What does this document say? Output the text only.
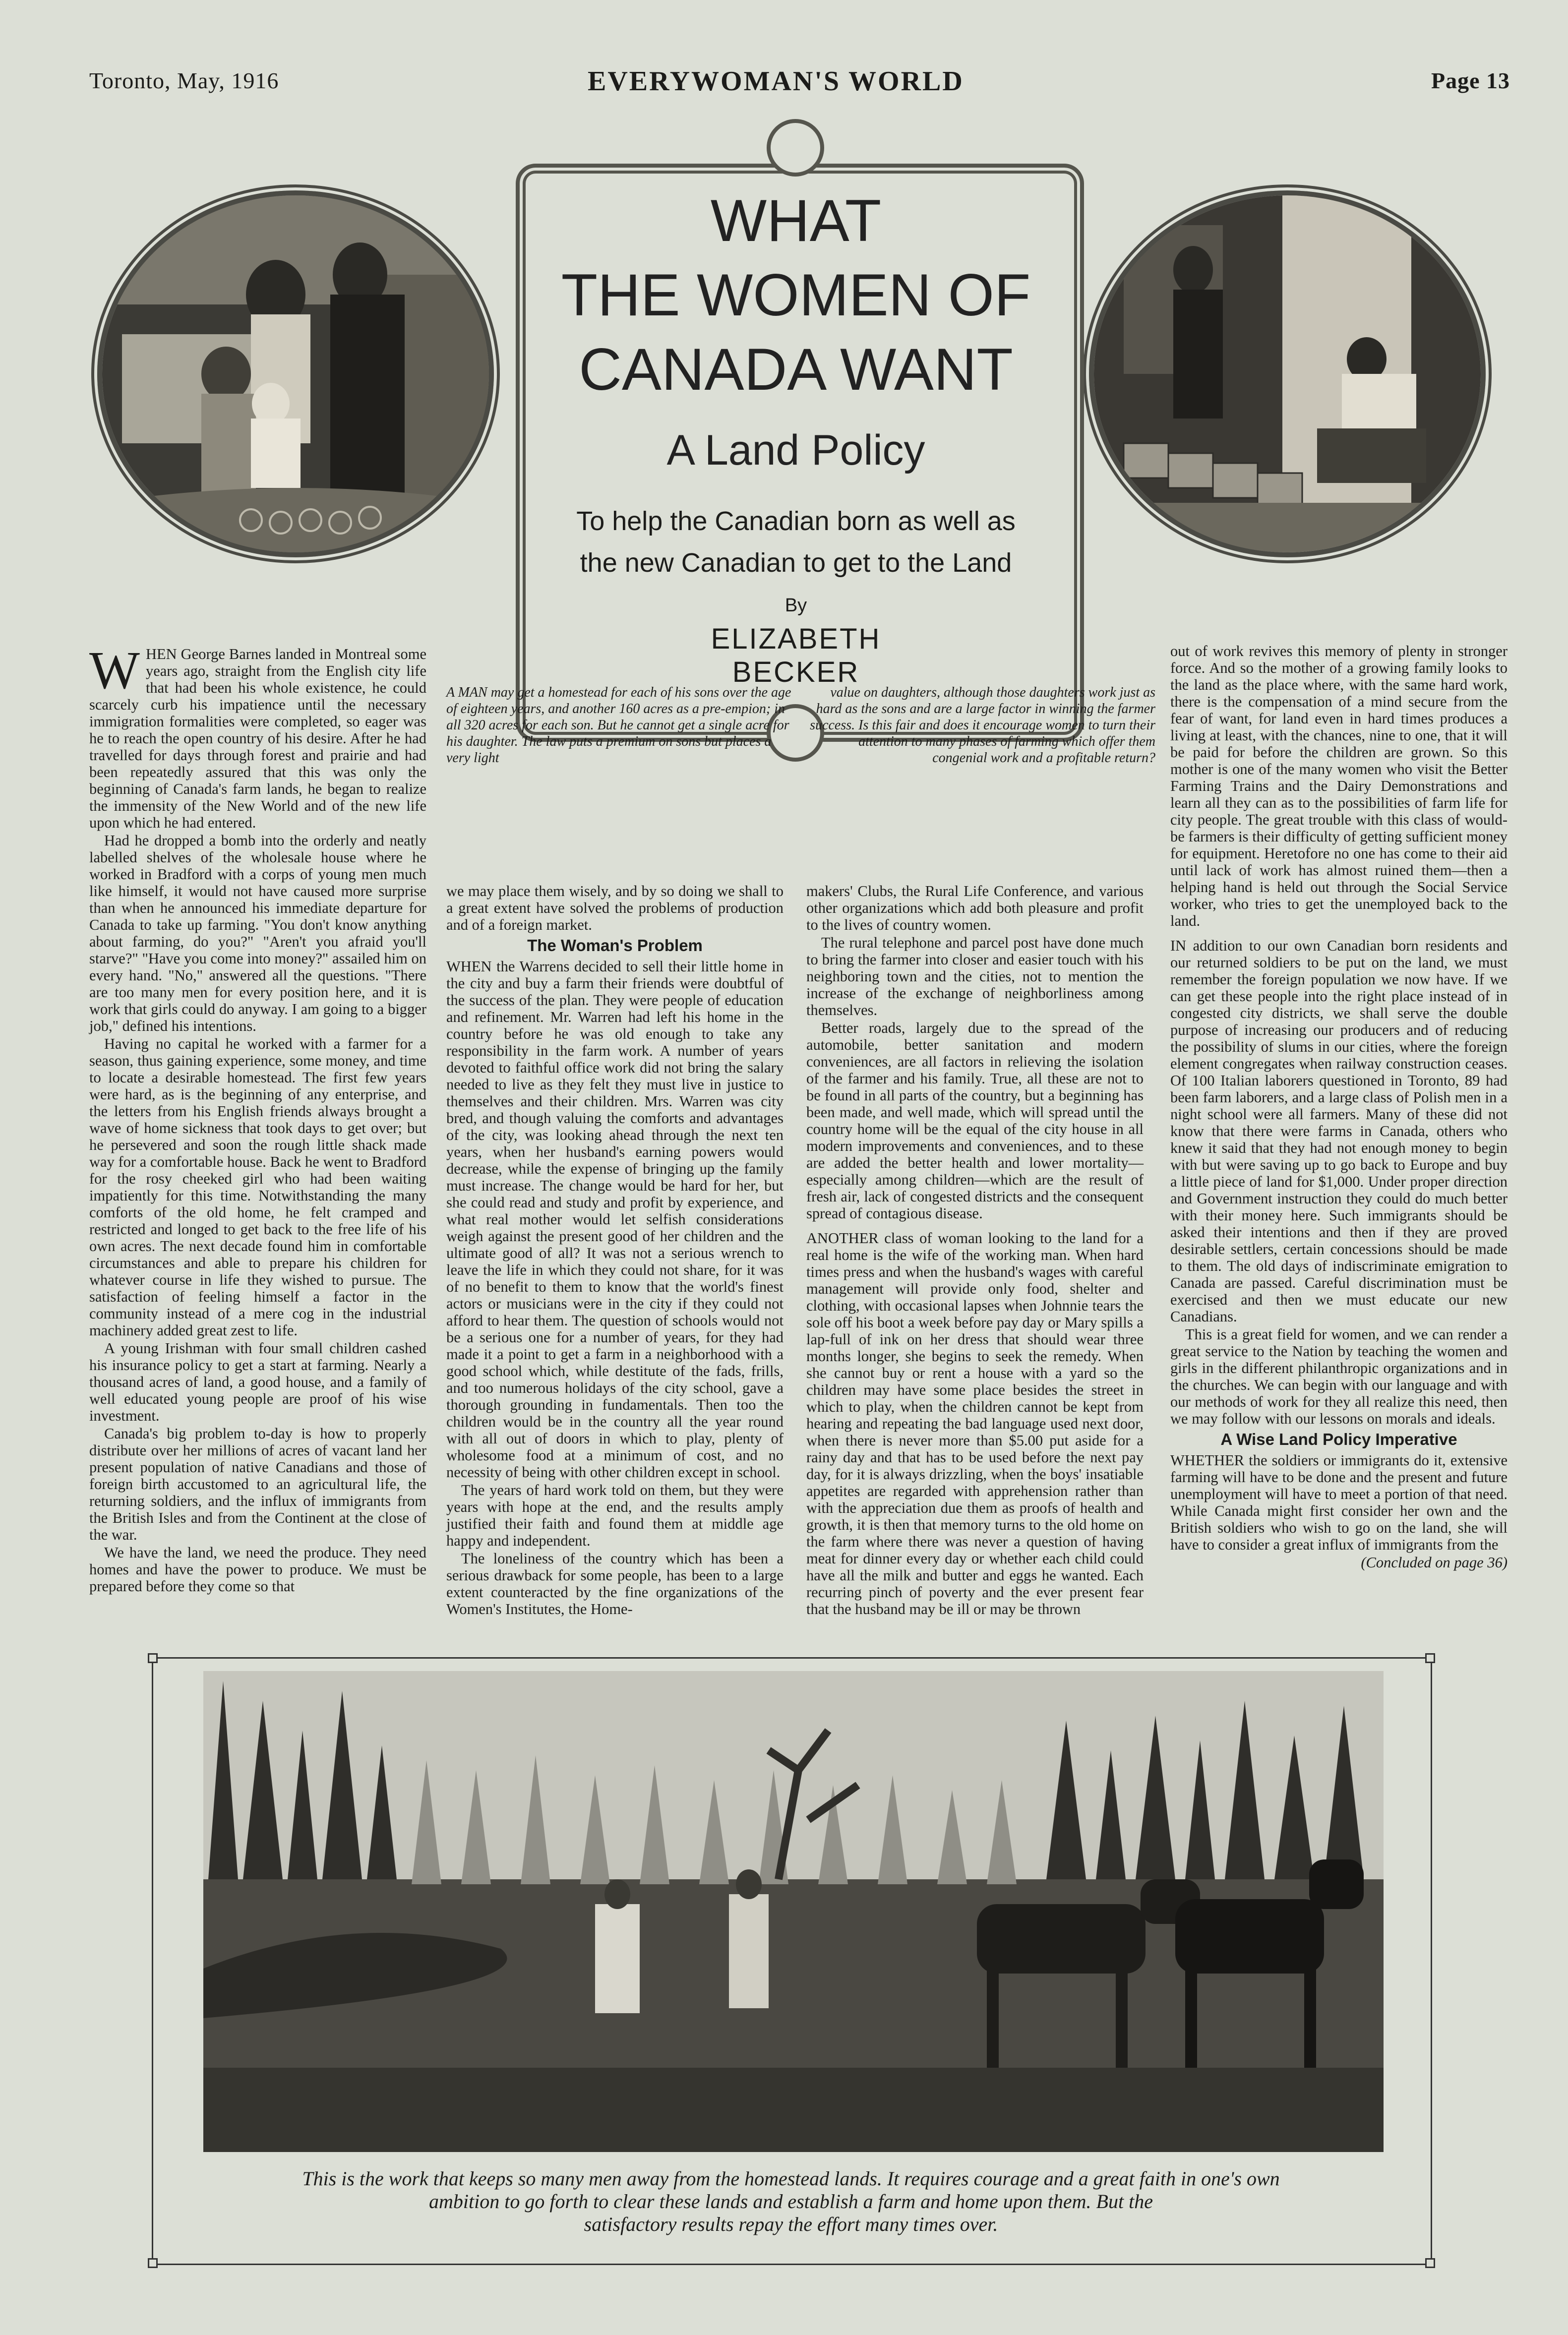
Toronto, May, 1916	EVERYWOMAN'S WORLD	Page 13
WHAT
THE WOMEN OF
CANADA WANT
A Land Policy
To help the Canadian born as well as
the new Canadian to get to the Land
By
ELIZABETH
BECKER
A MAN may get a homestead for each of his sons over the age of eighteen years, and another 160 acres as a pre-empion; in all 320 acres for each son. But he cannot get a single acre for his daughter. The law puts a premium on sons but places a very light
value on daughters, although those daughters work just as hard as the sons and are a large factor in winning the farmer success. Is this fair and does it encourage women to turn their attention to many phases of farming which offer them congenial work and a profitable return?

WHEN George Barnes landed in Montreal some years ago, straight from the English city life that had been his whole existence, he could scarcely curb his impatience until the necessary immigration formalities were completed, so eager was he to reach the open country of his desire. After he had travelled for days through forest and prairie and had been repeatedly assured that this was only the beginning of Canada's farm lands, he began to realize the immensity of the New World and of the new life upon which he had entered.

Had he dropped a bomb into the orderly and neatly labelled shelves of the wholesale house where he worked in Bradford with a corps of young men much like himself, it would not have caused more surprise than when he announced his immediate departure for Canada to take up farming. "You don't know anything about farming, do you?" "Aren't you afraid you'll starve?" "Have you come into money?" assailed him on every hand. "No," answered all the questions. "There are too many men for every position here, and it is work that girls could do anyway. I am going to a bigger job," defined his intentions.

Having no capital he worked with a farmer for a season, thus gaining experience, some money, and time to locate a desirable homestead. The first few years were hard, as is the beginning of any enterprise, and the letters from his English friends always brought a wave of home sickness that took days to get over; but he persevered and soon the rough little shack made way for a comfortable house. Back he went to Bradford for the rosy cheeked girl who had been waiting impatiently for this time. Notwithstanding the many comforts of the old home, he felt cramped and restricted and longed to get back to the free life of his own acres. The next decade found him in comfortable circumstances and able to prepare his children for whatever course in life they wished to pursue. The satisfaction of feeling himself a factor in the community instead of a mere cog in the industrial machinery added great zest to life.

A young Irishman with four small children cashed his insurance policy to get a start at farming. Nearly a thousand acres of land, a good house, and a family of well educated young people are proof of his wise investment.

Canada's big problem to-day is how to properly distribute over her millions of acres of vacant land her present population of native Canadians and those of foreign birth accustomed to an agricultural life, the returning soldiers, and the influx of immigrants from the British Isles and from the Continent at the close of the war.

We have the land, we need the produce. They need homes and have the power to produce. We must be prepared before they come so that

we may place them wisely, and by so doing we shall to a great extent have solved the problems of production and of a foreign market.

The Woman's Problem

WHEN the Warrens decided to sell their little home in the city and buy a farm their friends were doubtful of the success of the plan. They were people of education and refinement. Mr. Warren had left his home in the country before he was old enough to take any responsibility in the farm work. A number of years devoted to faithful office work did not bring the salary needed to live as they felt they must live in justice to themselves and their children. Mrs. Warren was city bred, and though valuing the comforts and advantages of the city, was looking ahead through the next ten years, when her husband's earning powers would decrease, while the expense of bringing up the family must increase. The change would be hard for her, but she could read and study and profit by experience, and what real mother would let selfish considerations weigh against the present good of her children and the ultimate good of all? It was not a serious wrench to leave the life in which they could not share, for it was of no benefit to them to know that the world's finest actors or musicians were in the city if they could not afford to hear them. The question of schools would not be a serious one for a number of years, for they had made it a point to get a farm in a neighborhood with a good school which, while destitute of the fads, frills, and too numerous holidays of the city school, gave a thorough grounding in fundamentals. Then too the children would be in the country all the year round with all out of doors in which to play, plenty of wholesome food at a minimum of cost, and no necessity of being with other children except in school.

The years of hard work told on them, but they were years with hope at the end, and the results amply justified their faith and found them at middle age happy and independent.

The loneliness of the country which has been a serious drawback for some people, has been to a large extent counteracted by the fine organizations of the Women's Institutes, the Home-

makers' Clubs, the Rural Life Conference, and various other organizations which add both pleasure and profit to the lives of country women.

The rural telephone and parcel post have done much to bring the farmer into closer and easier touch with his neighboring town and the cities, not to mention the increase of the exchange of neighborliness among themselves.

Better roads, largely due to the spread of the automobile, better sanitation and modern conveniences, are all factors in relieving the isolation of the farmer and his family. True, all these are not to be found in all parts of the country, but a beginning has been made, and well made, which will spread until the country home will be the equal of the city house in all modern improvements and conveniences, and to these are added the better health and lower mortality—especially among children—which are the result of fresh air, lack of congested districts and the consequent spread of contagious disease.

ANOTHER class of woman looking to the land for a real home is the wife of the working man. When hard times press and when the husband's wages with careful management will provide only food, shelter and clothing, with occasional lapses when Johnnie tears the sole off his boot a week before pay day or Mary spills a lap-full of ink on her dress that should wear three months longer, she begins to seek the remedy. When she cannot buy or rent a house with a yard so the children may have some place besides the street in which to play, when the children cannot be kept from hearing and repeating the bad language used next door, when there is never more than $5.00 put aside for a rainy day and that has to be used before the next pay day, for it is always drizzling, when the boys' insatiable appetites are regarded with apprehension rather than with the appreciation due them as proofs of health and growth, it is then that memory turns to the old home on the farm where there was never a question of having meat for dinner every day or whether each child could have all the milk and butter and eggs he wanted. Each recurring pinch of poverty and the ever present fear that the husband may be ill or may be thrown

out of work revives this memory of plenty in stronger force. And so the mother of a growing family looks to the land as the place where, with the same hard work, there is the compensation of a mind secure from the fear of want, for land even in hard times produces a living at least, with the chances, nine to one, that it will be paid for before the children are grown. So this mother is one of the many women who visit the Better Farming Trains and the Dairy Demonstrations and learn all they can as to the possibilities of farm life for city people. The great trouble with this class of would-be farmers is their difficulty of getting sufficient money for equipment. Heretofore no one has come to their aid until lack of work has almost ruined them—then a helping hand is held out through the Social Service worker, who tries to get the unemployed back to the land.

IN addition to our own Canadian born residents and our returned soldiers to be put on the land, we must remember the foreign population we now have. If we can get these people into the right place instead of in congested city districts, we shall serve the double purpose of increasing our producers and of reducing the possibility of slums in our cities, where the foreign element congregates when railway construction ceases. Of 100 Italian laborers questioned in Toronto, 89 had been farm laborers, and a large class of Polish men in a night school were all farmers. Many of these did not know that there were farms in Canada, others who knew it said that they had not enough money to begin with but were saving up to go back to Europe and buy a little piece of land for $1,000. Under proper direction and Government instruction they could do much better with their money here. Such immigrants should be asked their intentions and then if they are proved desirable settlers, certain concessions should be made to them. The old days of indiscriminate emigration to Canada are passed. Careful discrimination must be exercised and then we must educate our new Canadians.

This is a great field for women, and we can render a great service to the Nation by teaching the women and girls in the different philanthropic organizations and in the churches. We can begin with our language and with our methods of work for they all realize this need, then we may follow with our lessons on morals and ideals.

A Wise Land Policy Imperative

WHETHER the soldiers or immigrants do it, extensive farming will have to be done and the present and future unemployment will have to meet a portion of that need. While Canada might first consider her own and the British soldiers who wish to go on the land, she will have to consider a great influx of immigrants from the

(Concluded on page 36)

This is the work that keeps so many men away from the homestead lands. It requires courage and a great faith in one's own
ambition to go forth to clear these lands and establish a farm and home upon them. But the
satisfactory results repay the effort many times over.
